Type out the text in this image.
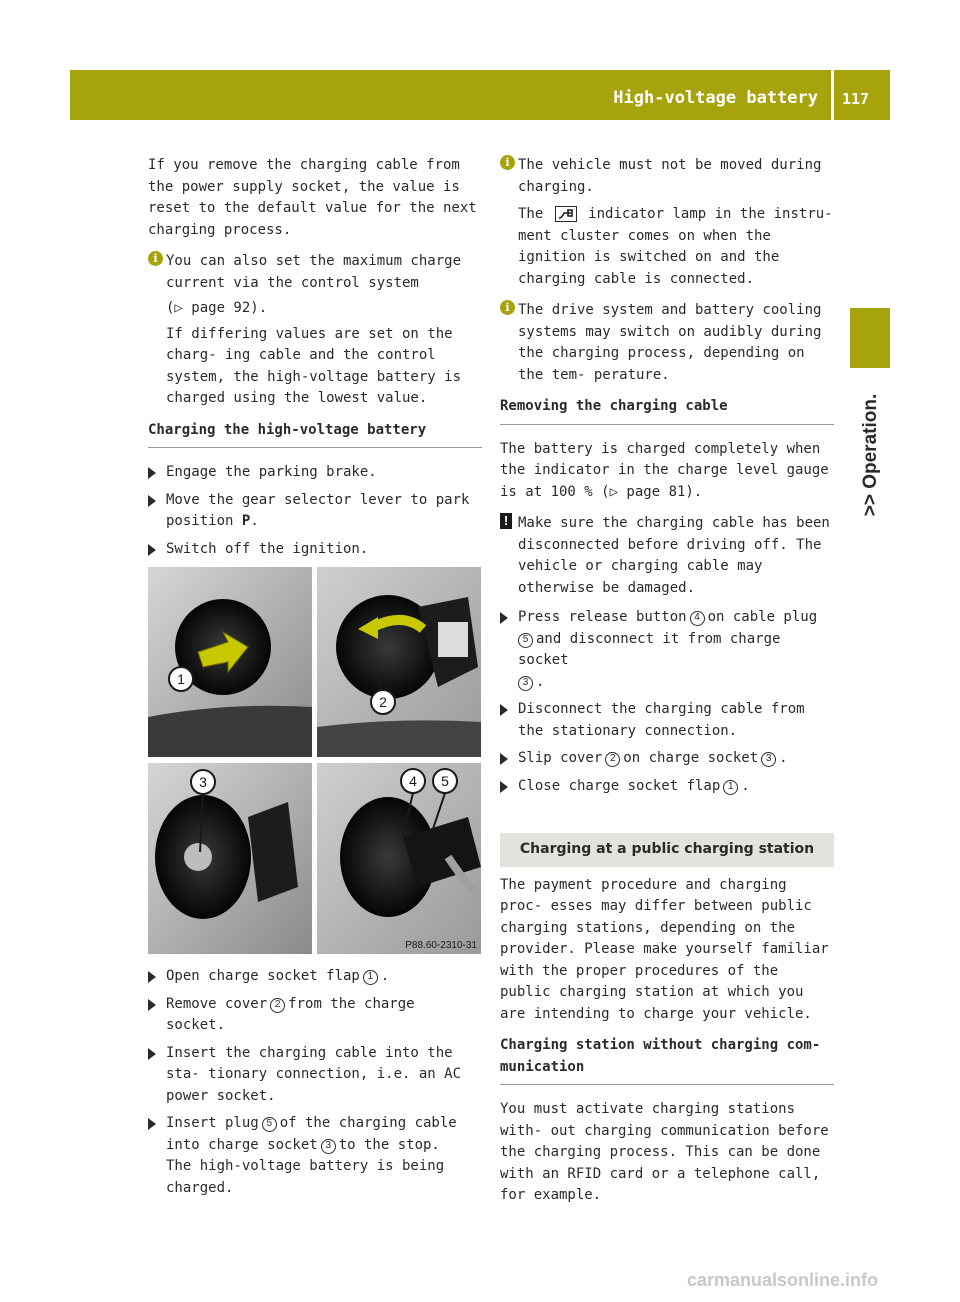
High-voltage battery 117
>> Operation.

If you remove the charging cable from the power supply socket, the value is reset to the default value for the next charging process.

i You can also set the maximum charge current via the control system

(▷ page 92).

If differing values are set on the charg- ing cable and the control system, the high-voltage battery is charged using the lowest value.

Charging the high-voltage battery
Engage the parking brake.
Move the gear selector lever to park position P.
Switch off the ignition.
1
2
3	4 5
P88.60-2310-31
Open charge socket flap 1 .
Remove cover 2 from the charge socket.
Insert the charging cable into the sta- tionary connection, i.e. an AC power socket.
Insert plug 5 of the charging cable into charge socket 3 to the stop.
The high-voltage battery is being charged.

i The vehicle must not be moved during charging.

The	indicator lamp in the instru- ment cluster comes on when the ignition is switched on and the charging cable is connected.

i The drive system and battery cooling systems may switch on audibly during the charging process, depending on the tem- perature.

Removing the charging cable

The battery is charged completely when the indicator in the charge level gauge is at 100 % (▷ page 81).

! Make sure the charging cable has been disconnected before driving off. The vehicle or charging cable may otherwise be damaged.

Press release button 4 on cable plug
5 and disconnect it from charge socket
3 .
Disconnect the charging cable from the stationary connection.
Slip cover 2 on charge socket 3 .
Close charge socket flap 1 .
Charging at a public charging station

The payment procedure and charging proc- esses may differ between public charging stations, depending on the provider. Please make yourself familiar with the proper procedures of the public charging station at which you are intending to charge your vehicle.

Charging station without charging com- munication

You must activate charging stations with- out charging communication before the charging process. This can be done with an RFID card or a telephone call, for example.

carmanualsonline.info
